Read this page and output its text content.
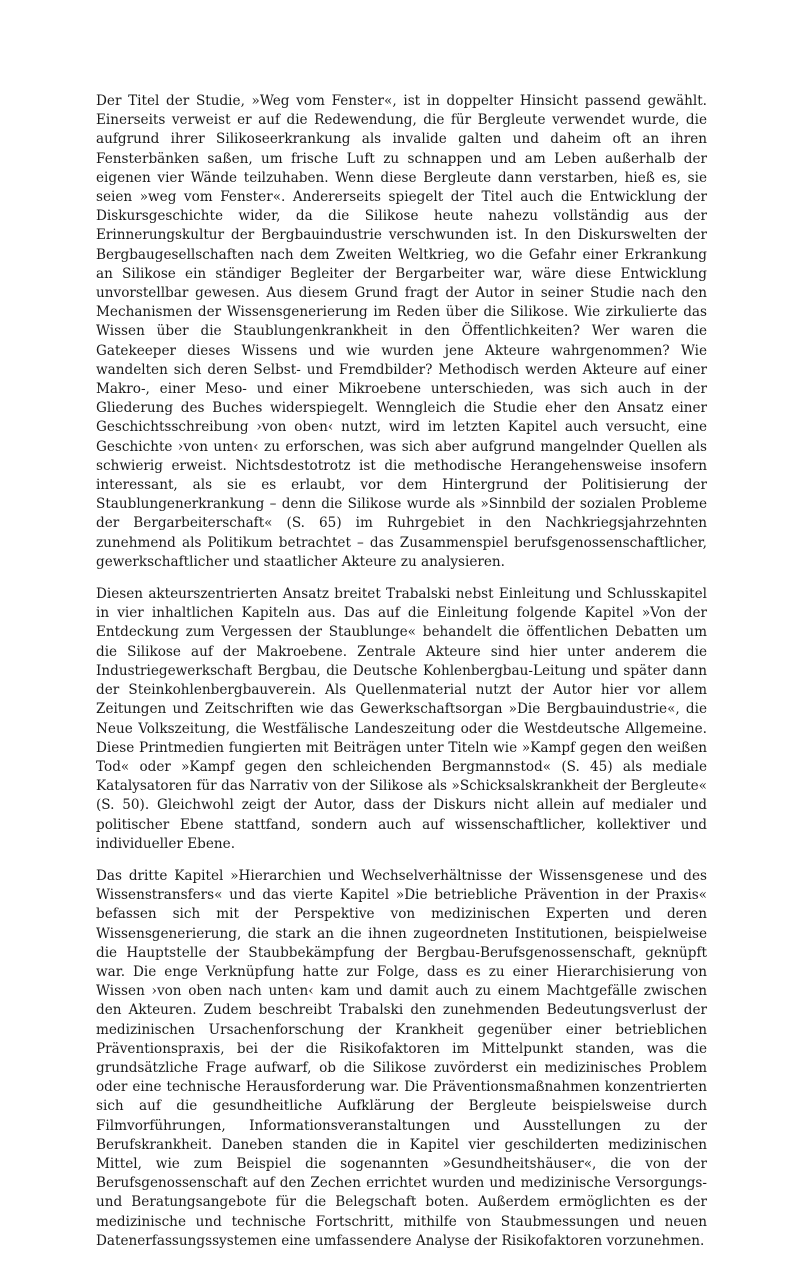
Der Titel der Studie, »Weg vom Fenster«, ist in doppelter Hinsicht passend gewählt. Einerseits verweist er auf die Redewendung, die für Bergleute verwendet wurde, die aufgrund ihrer Silikoseerkrankung als invalide galten und daheim oft an ihren Fensterbänken saßen, um frische Luft zu schnappen und am Leben außerhalb der eigenen vier Wände teilzuhaben. Wenn diese Bergleute dann verstarben, hieß es, sie seien »weg vom Fenster«. Andererseits spiegelt der Titel auch die Entwicklung der Diskursgeschichte wider, da die Silikose heute nahezu vollständig aus der Erinnerungskultur der Bergbauindustrie verschwunden ist. In den Diskurswelten der Bergbaugesellschaften nach dem Zweiten Weltkrieg, wo die Gefahr einer Erkrankung an Silikose ein ständiger Begleiter der Bergarbeiter war, wäre diese Entwicklung unvorstellbar gewesen. Aus diesem Grund fragt der Autor in seiner Studie nach den Mechanismen der Wissensgenerierung im Reden über die Silikose. Wie zirkulierte das Wissen über die Staublungenkrankheit in den Öffentlichkeiten? Wer waren die Gatekeeper dieses Wissens und wie wurden jene Akteure wahrgenommen? Wie wandelten sich deren Selbst- und Fremdbilder? Methodisch werden Akteure auf einer Makro-, einer Meso- und einer Mikroebene unterschieden, was sich auch in der Gliederung des Buches widerspiegelt. Wenngleich die Studie eher den Ansatz einer Geschichtsschreibung ›von oben‹ nutzt, wird im letzten Kapitel auch versucht, eine Geschichte ›von unten‹ zu erforschen, was sich aber aufgrund mangelnder Quellen als schwierig erweist. Nichtsdestotrotz ist die methodische Herangehensweise insofern interessant, als sie es erlaubt, vor dem Hintergrund der Politisierung der Staublungenerkrankung – denn die Silikose wurde als »Sinnbild der sozialen Probleme der Bergarbeiterschaft« (S. 65) im Ruhrgebiet in den Nachkriegsjahrzehnten zunehmend als Politikum betrachtet – das Zusammenspiel berufsgenossenschaftlicher, gewerkschaftlicher und staatlicher Akteure zu analysieren.

Diesen akteurszentrierten Ansatz breitet Trabalski nebst Einleitung und Schlusskapitel in vier inhaltlichen Kapiteln aus. Das auf die Einleitung folgende Kapitel »Von der Entdeckung zum Vergessen der Staublunge« behandelt die öffentlichen Debatten um die Silikose auf der Makroebene. Zentrale Akteure sind hier unter anderem die Industriegewerkschaft Bergbau, die Deutsche Kohlenbergbau-Leitung und später dann der Steinkohlenbergbauverein. Als Quellenmaterial nutzt der Autor hier vor allem Zeitungen und Zeitschriften wie das Gewerkschaftsorgan »Die Bergbauindustrie«, die Neue Volkszeitung, die Westfälische Landeszeitung oder die Westdeutsche Allgemeine. Diese Printmedien fungierten mit Beiträgen unter Titeln wie »Kampf gegen den weißen Tod« oder »Kampf gegen den schleichenden Bergmannstod« (S. 45) als mediale Katalysatoren für das Narrativ von der Silikose als »Schicksalskrankheit der Bergleute« (S. 50). Gleichwohl zeigt der Autor, dass der Diskurs nicht allein auf medialer und politischer Ebene stattfand, sondern auch auf wissenschaftlicher, kollektiver und individueller Ebene.

Das dritte Kapitel »Hierarchien und Wechselverhältnisse der Wissensgenese und des Wissenstransfers« und das vierte Kapitel »Die betriebliche Prävention in der Praxis« befassen sich mit der Perspektive von medizinischen Experten und deren Wissensgenerierung, die stark an die ihnen zugeordneten Institutionen, beispielweise die Hauptstelle der Staubbekämpfung der Bergbau-Berufsgenossenschaft, geknüpft war. Die enge Verknüpfung hatte zur Folge, dass es zu einer Hierarchisierung von Wissen ›von oben nach unten‹ kam und damit auch zu einem Machtgefälle zwischen den Akteuren. Zudem beschreibt Trabalski den zunehmenden Bedeutungsverlust der medizinischen Ursachenforschung der Krankheit gegenüber einer betrieblichen Präventionspraxis, bei der die Risikofaktoren im Mittelpunkt standen, was die grundsätzliche Frage aufwarf, ob die Silikose zuvörderst ein medizinisches Problem oder eine technische Herausforderung war. Die Präventionsmaßnahmen konzentrierten sich auf die gesundheitliche Aufklärung der Bergleute beispielsweise durch Filmvorführungen, Informationsveranstaltungen und Ausstellungen zu der Berufskrankheit. Daneben standen die in Kapitel vier geschilderten medizinischen Mittel, wie zum Beispiel die sogenannten »Gesundheitshäuser«, die von der Berufsgenossenschaft auf den Zechen errichtet wurden und medizinische Versorgungs- und Beratungsangebote für die Belegschaft boten. Außerdem ermöglichten es der medizinische und technische Fortschritt, mithilfe von Staubmessungen und neuen Datenerfassungssystemen eine umfassendere Analyse der Risikofaktoren vorzunehmen.
